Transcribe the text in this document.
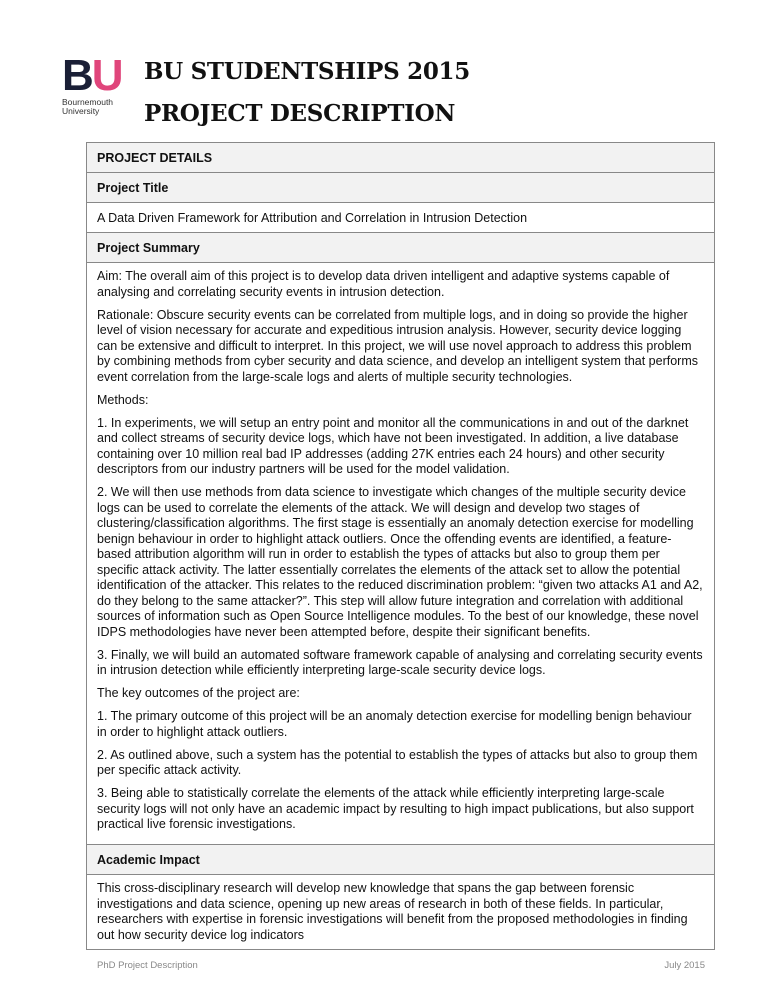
BU
Bournemouth University
BU STUDENTSHIPS 2015
PROJECT DESCRIPTION
PROJECT DETAILS
Project Title
A Data Driven Framework for Attribution and Correlation in Intrusion Detection
Project Summary

Aim: The overall aim of this project is to develop data driven intelligent and adaptive systems capable of analysing and correlating security events in intrusion detection.

Rationale: Obscure security events can be correlated from multiple logs, and in doing so provide the higher level of vision necessary for accurate and expeditious intrusion analysis. However, security device logging can be extensive and difficult to interpret. In this project, we will use novel approach to address this problem by combining methods from cyber security and data science, and develop an intelligent system that performs event correlation from the large-scale logs and alerts of multiple security technologies.

Methods:

1. In experiments, we will setup an entry point and monitor all the communications in and out of the darknet and collect streams of security device logs, which have not been investigated. In addition, a live database containing over 10 million real bad IP addresses (adding 27K entries each 24 hours) and other security descriptors from our industry partners will be used for the model validation.

2. We will then use methods from data science to investigate which changes of the multiple security device logs can be used to correlate the elements of the attack. We will design and develop two stages of clustering/classification algorithms. The first stage is essentially an anomaly detection exercise for modelling benign behaviour in order to highlight attack outliers. Once the offending events are identified, a feature-based attribution algorithm will run in order to establish the types of attacks but also to group them per specific attack activity. The latter essentially correlates the elements of the attack set to allow the potential identification of the attacker. This relates to the reduced discrimination problem: “given two attacks A1 and A2, do they belong to the same attacker?”. This step will allow future integration and correlation with additional sources of information such as Open Source Intelligence modules. To the best of our knowledge, these novel IDPS methodologies have never been attempted before, despite their significant benefits.

3. Finally, we will build an automated software framework capable of analysing and correlating security events in intrusion detection while efficiently interpreting large-scale security device logs.

The key outcomes of the project are:

1. The primary outcome of this project will be an anomaly detection exercise for modelling benign behaviour in order to highlight attack outliers.

2. As outlined above, such a system has the potential to establish the types of attacks but also to group them per specific attack activity.

3. Being able to statistically correlate the elements of the attack while efficiently interpreting large-scale security logs will not only have an academic impact by resulting to high impact publications, but also support practical live forensic investigations.

Academic Impact

This cross-disciplinary research will develop new knowledge that spans the gap between forensic investigations and data science, opening up new areas of research in both of these fields. In particular, researchers with expertise in forensic investigations will benefit from the proposed methodologies in finding out how security device log indicators

PhD Project Description	July 2015
